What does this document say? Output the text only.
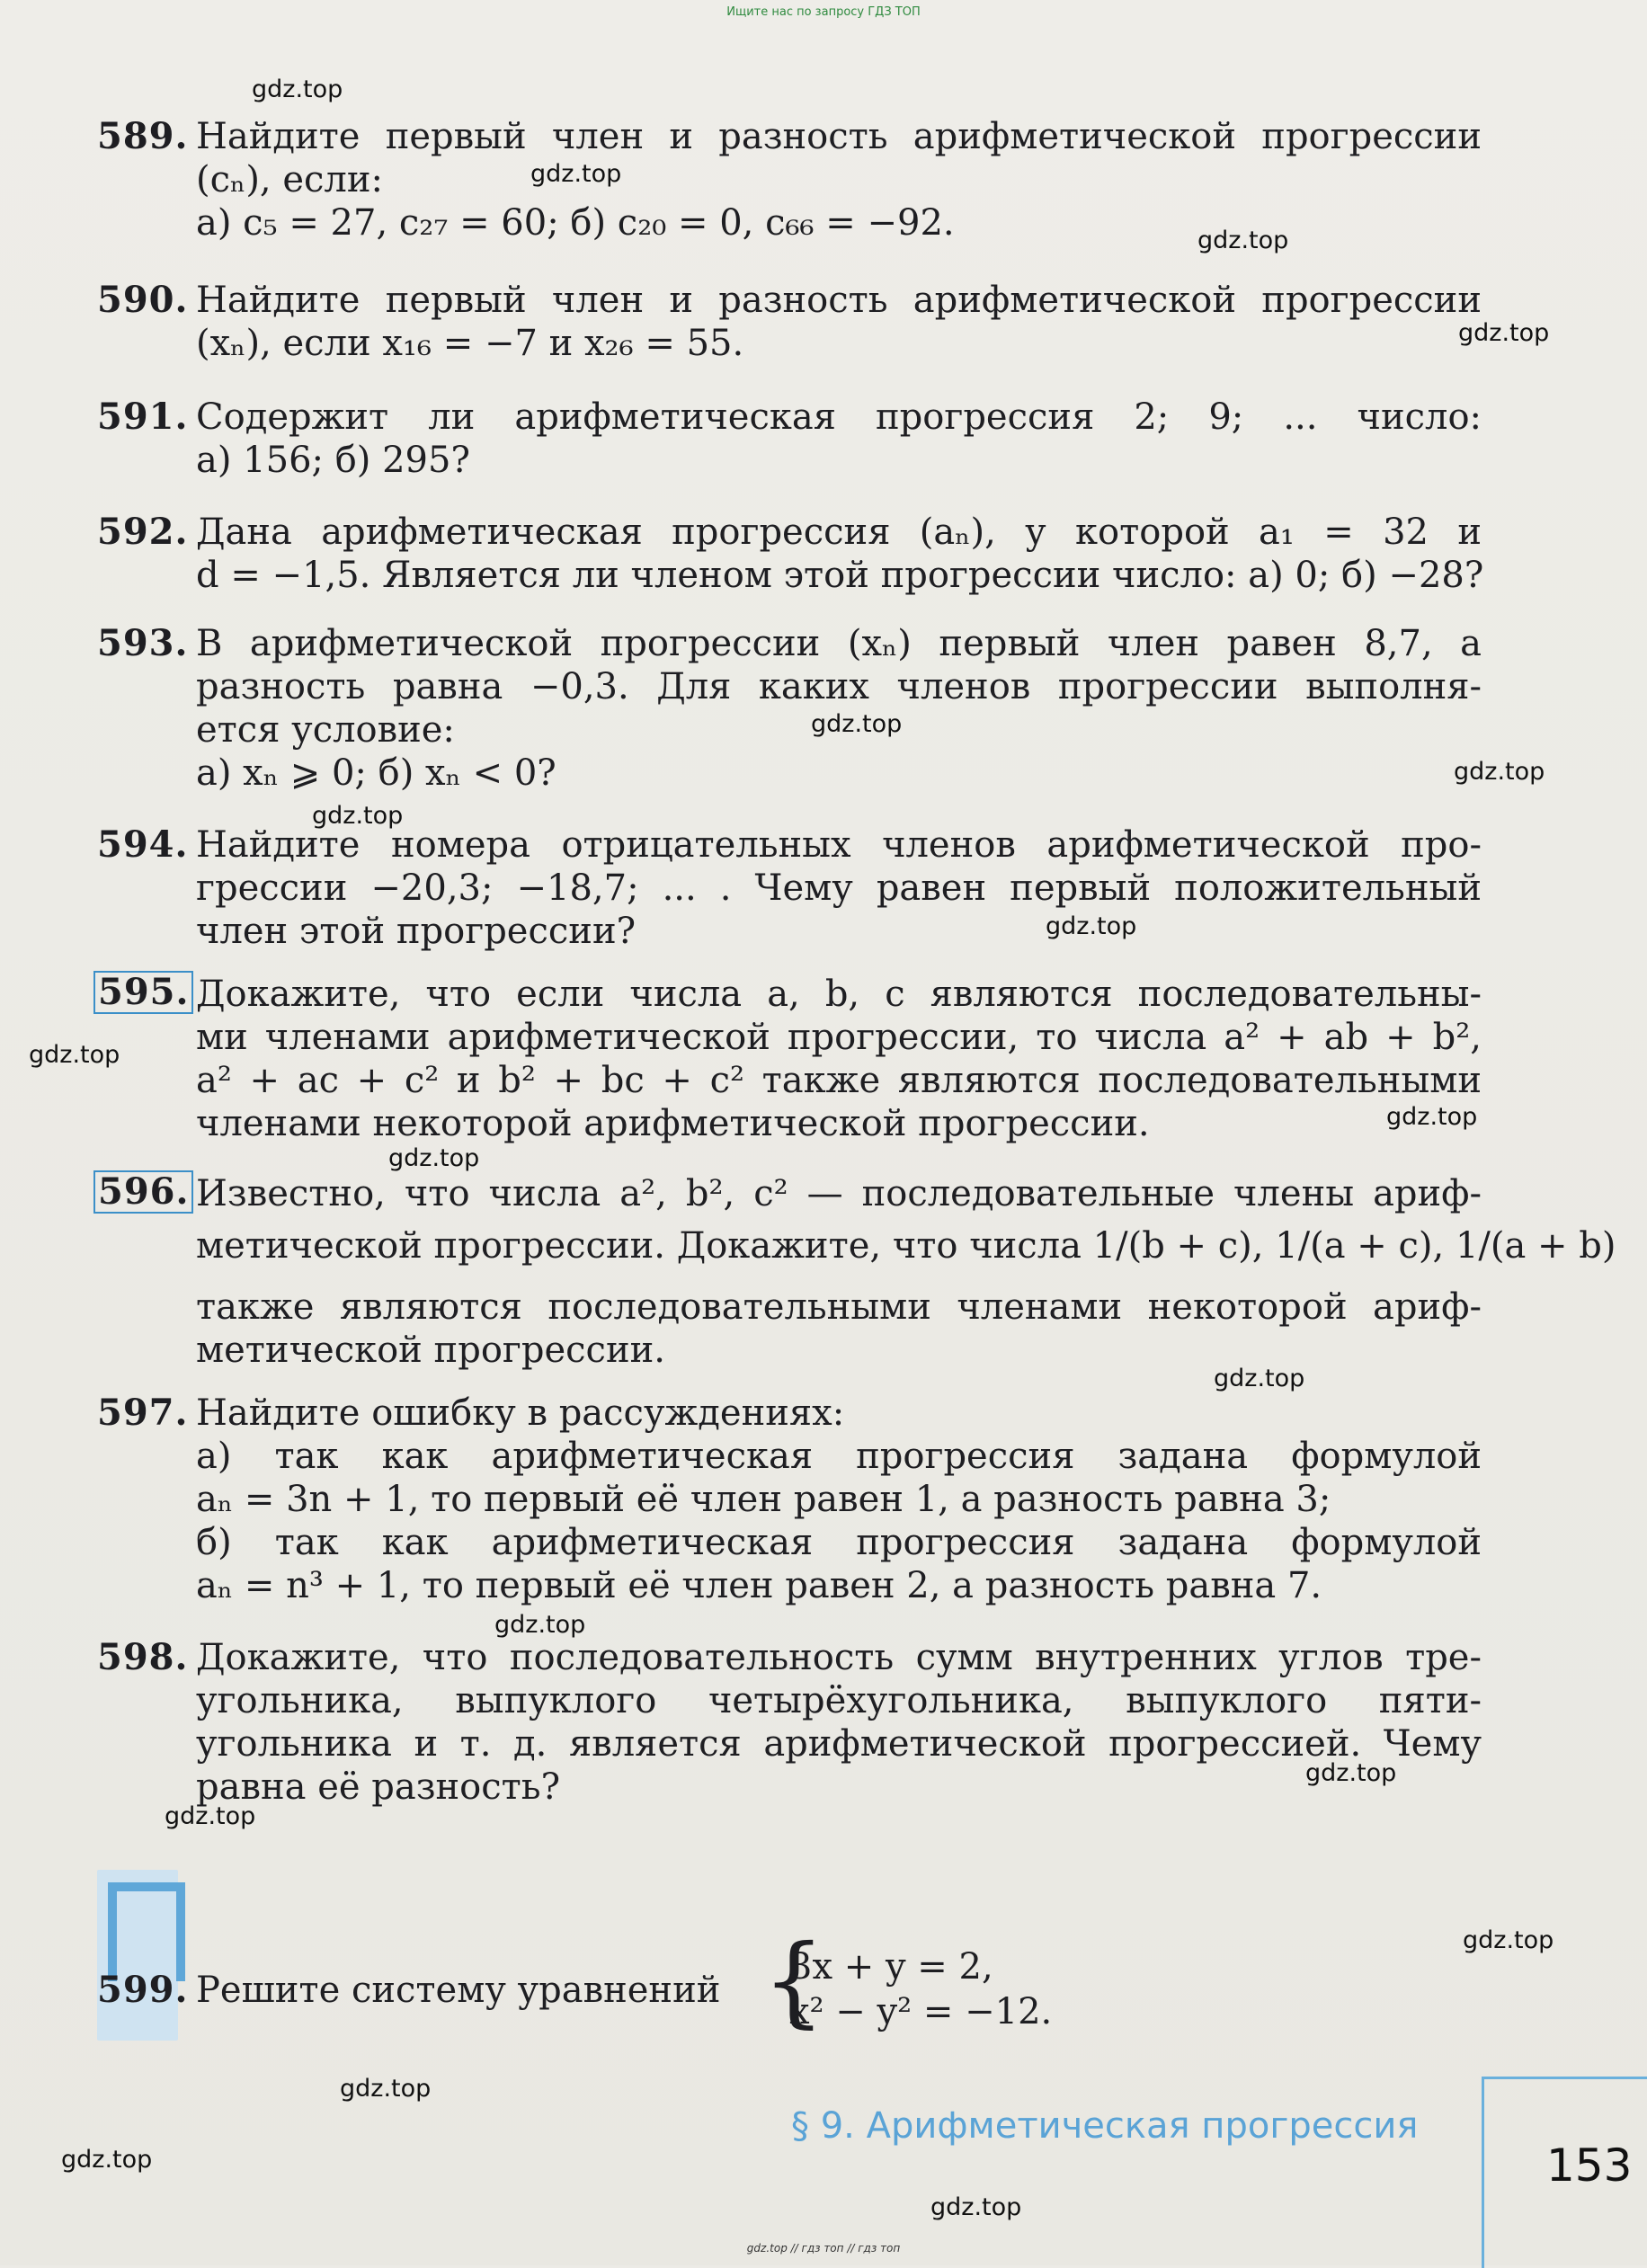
Ищите нас по запросу ГДЗ ТОП
gdz.top
gdz.top
gdz.top
gdz.top
gdz.top
gdz.top
gdz.top
gdz.top
gdz.top
gdz.top
gdz.top
gdz.top
gdz.top
gdz.top
gdz.top
gdz.top
gdz.top
gdz.top
gdz.top
589. Найдите первый член и разность арифметической прогрессии
(cₙ), если:
а) c₅ = 27, c₂₇ = 60; б) c₂₀ = 0, c₆₆ = −92.
590. Найдите первый член и разность арифметической прогрессии
(xₙ), если x₁₆ = −7 и x₂₆ = 55.
591. Содержит ли арифметическая прогрессия 2; 9; ... число:
а) 156; б) 295?
592. Дана арифметическая прогрессия (aₙ), у которой a₁ = 32 и
d = −1,5. Является ли членом этой прогрессии число: а) 0; б) −28?
593. В арифметической прогрессии (xₙ) первый член равен 8,7, а
разность равна −0,3. Для каких членов прогрессии выполня-
ется условие:
а) xₙ ⩾ 0; б) xₙ < 0?
594. Найдите номера отрицательных членов арифметической про-
грессии −20,3; −18,7; ... . Чему равен первый положительный
член этой прогрессии?
595. Докажите, что если числа a, b, c являются последовательны-
ми членами арифметической прогрессии, то числа a² + ab + b²,
a² + ac + c² и b² + bc + c² также являются последовательными
членами некоторой арифметической прогрессии.
596. Известно, что числа a², b², c² — последовательные члены ариф-
метической прогрессии. Докажите, что числа 1/(b + c), 1/(a + c), 1/(a + b)
также являются последовательными членами некоторой ариф-
метической прогрессии.
597. Найдите ошибку в рассуждениях:
а) так как арифметическая прогрессия задана формулой
aₙ = 3n + 1, то первый её член равен 1, а разность равна 3;
б) так как арифметическая прогрессия задана формулой
aₙ = n³ + 1, то первый её член равен 2, а разность равна 7.
598. Докажите, что последовательность сумм внутренних углов тре-
угольника, выпуклого четырёхугольника, выпуклого пяти-
угольника и т. д. является арифметической прогрессией. Чему
равна её разность?
599. Решите систему уравнений {
3x + y = 2,
x² − y² = −12.
§ 9. Арифметическая прогрессия
153
gdz.top // гдз топ // гдз топ
